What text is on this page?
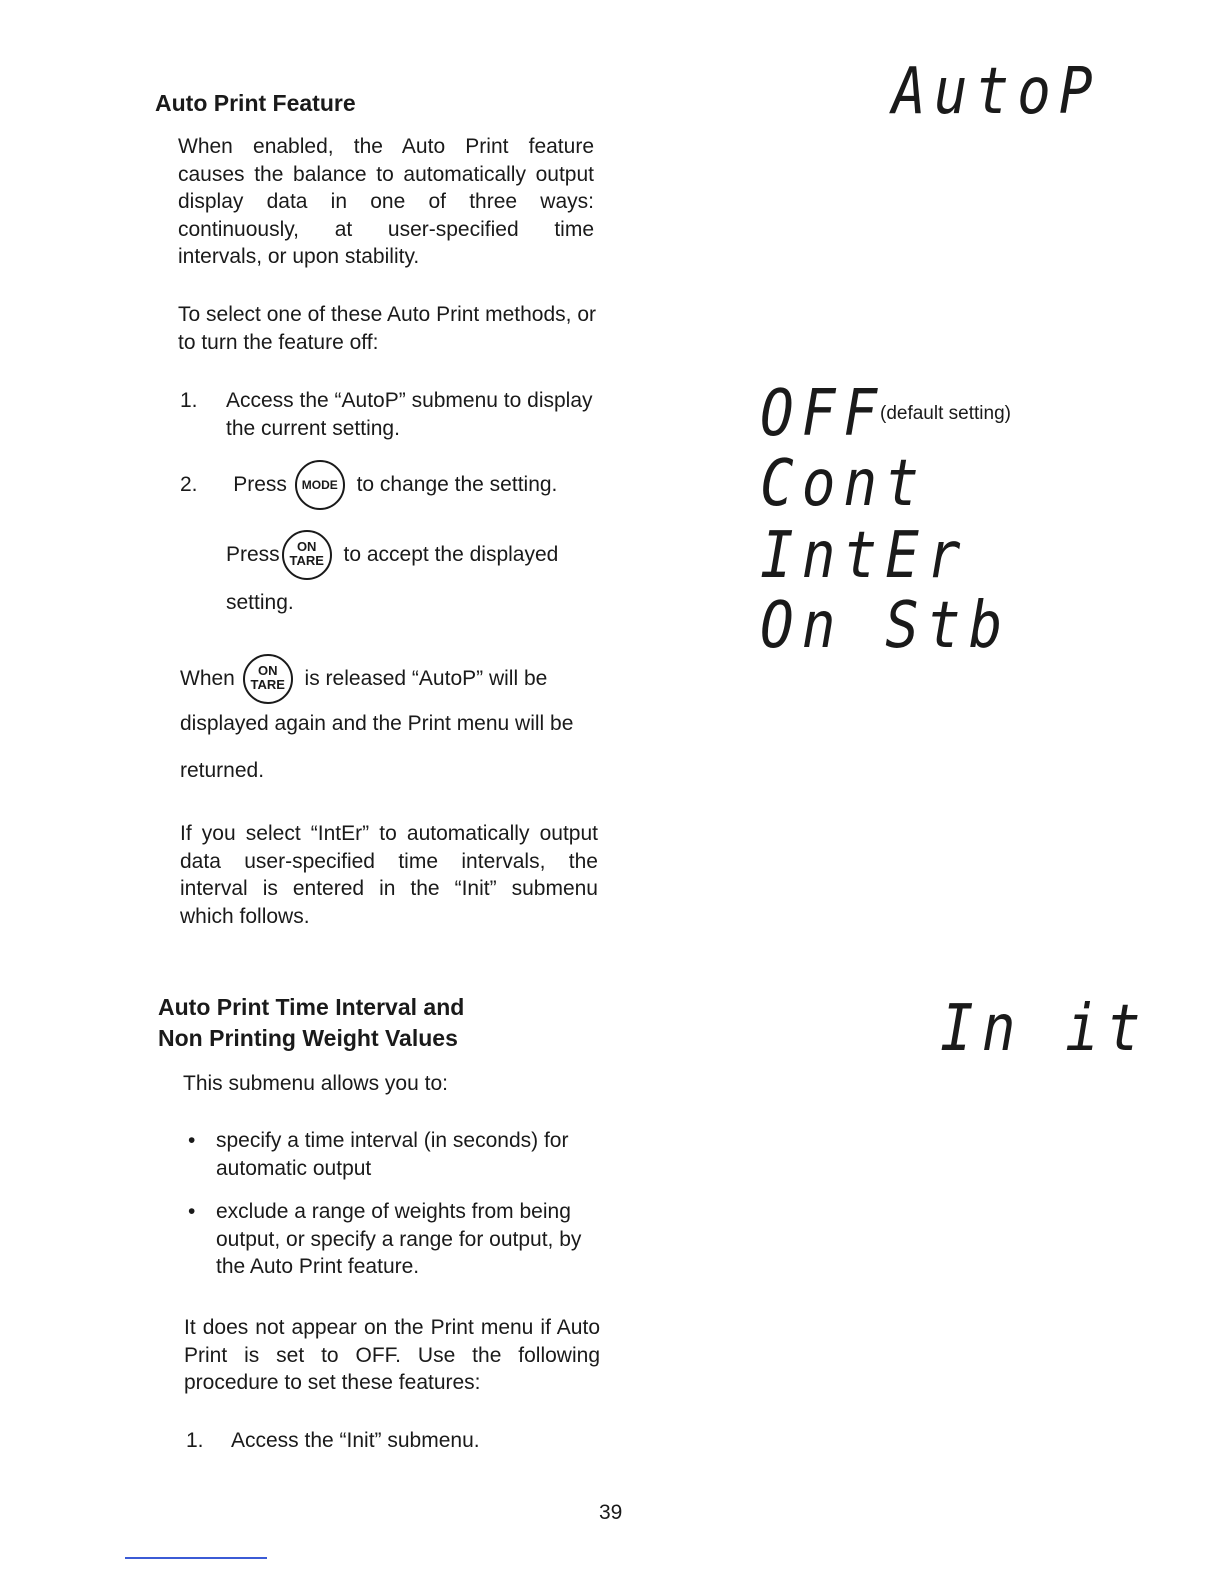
Auto Print Feature

When enabled, the Auto Print feature causes the balance to automatically output display data in one of three ways: continuously, at user-specified time intervals, or upon stability.

To select one of these Auto Print methods, or to turn the feature off:

1. Access the “AutoP” submenu to display the current setting.

2. Press MODE to change the setting.
Press ON
TARE to accept the displayed

setting.

When ON
TARE is released “AutoP” will be

displayed again and the Print menu will be

returned.

If you select “IntEr” to automatically output data user-specified time intervals, the interval is entered in the “Init” submenu which follows.

AutoP
OFF
(default setting)
Cont
IntEr
On Stb
In it
Auto Print Time Interval and
Non Printing Weight Values

This submenu allows you to:

• specify a time interval (in seconds) for automatic output
• exclude a range of weights from being output, or specify a range for output, by the Auto Print feature.

It does not appear on the Print menu if Auto Print is set to OFF. Use the following procedure to set these features:

1. Access the “Init” submenu.

39
